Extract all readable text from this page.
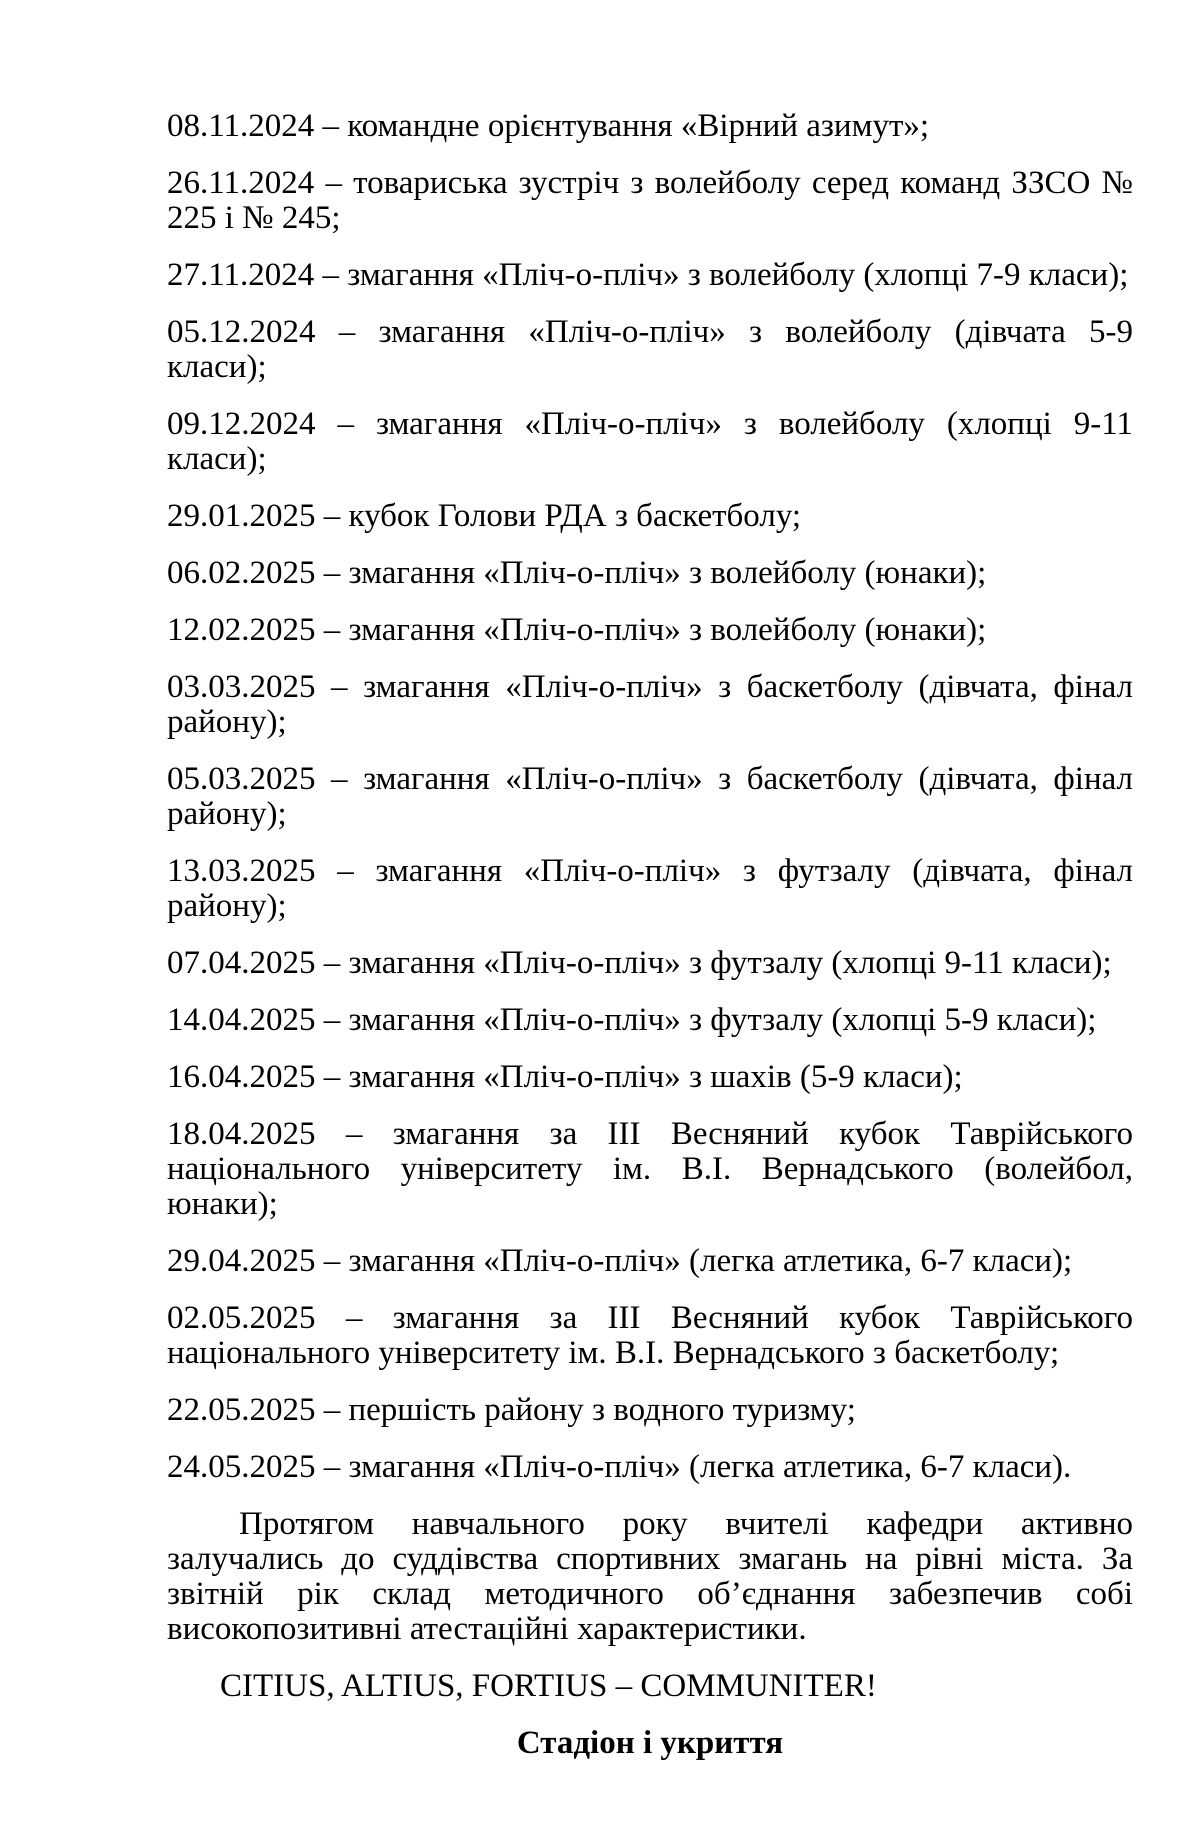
08.11.2024 – командне орієнтування «Вірний азимут»;

26.11.2024 – товариська зустріч з волейболу серед команд ЗЗСО № 225 і № 245;

27.11.2024 – змагання «Пліч-о-пліч» з волейболу (хлопці 7-9 класи);

05.12.2024 – змагання «Пліч-о-пліч» з волейболу (дівчата 5-9 класи);

09.12.2024 – змагання «Пліч-о-пліч» з волейболу (хлопці 9-11 класи);

29.01.2025 – кубок Голови РДА з баскетболу;

06.02.2025 – змагання «Пліч-о-пліч» з волейболу (юнаки);

12.02.2025 – змагання «Пліч-о-пліч» з волейболу (юнаки);

03.03.2025 – змагання «Пліч-о-пліч» з баскетболу (дівчата, фінал району);

05.03.2025 – змагання «Пліч-о-пліч» з баскетболу (дівчата, фінал району);

13.03.2025 – змагання «Пліч-о-пліч» з футзалу (дівчата, фінал району);

07.04.2025 – змагання «Пліч-о-пліч» з футзалу (хлопці 9-11 класи);

14.04.2025 – змагання «Пліч-о-пліч» з футзалу (хлопці 5-9 класи);

16.04.2025 – змагання «Пліч-о-пліч» з шахів (5-9 класи);

18.04.2025 – змагання за ІІІ Весняний кубок Таврійського національного університету ім. В.І. Вернадського (волейбол, юнаки);

29.04.2025 – змагання «Пліч-о-пліч» (легка атлетика, 6-7 класи);

02.05.2025 – змагання за ІІІ Весняний кубок Таврійського національного університету ім. В.І. Вернадського з баскетболу;

22.05.2025 – першість району з водного туризму;

24.05.2025 – змагання «Пліч-о-пліч» (легка атлетика, 6-7 класи).

Протягом навчального року вчителі кафедри активно залучались до суддівства спортивних змагань на рівні міста. За звітній рік склад методичного об’єднання забезпечив собі високопозитивні атестаційні характеристики.

CITIUS, ALTIUS, FORTIUS – COMMUNITER!

Стадіон і укриття
